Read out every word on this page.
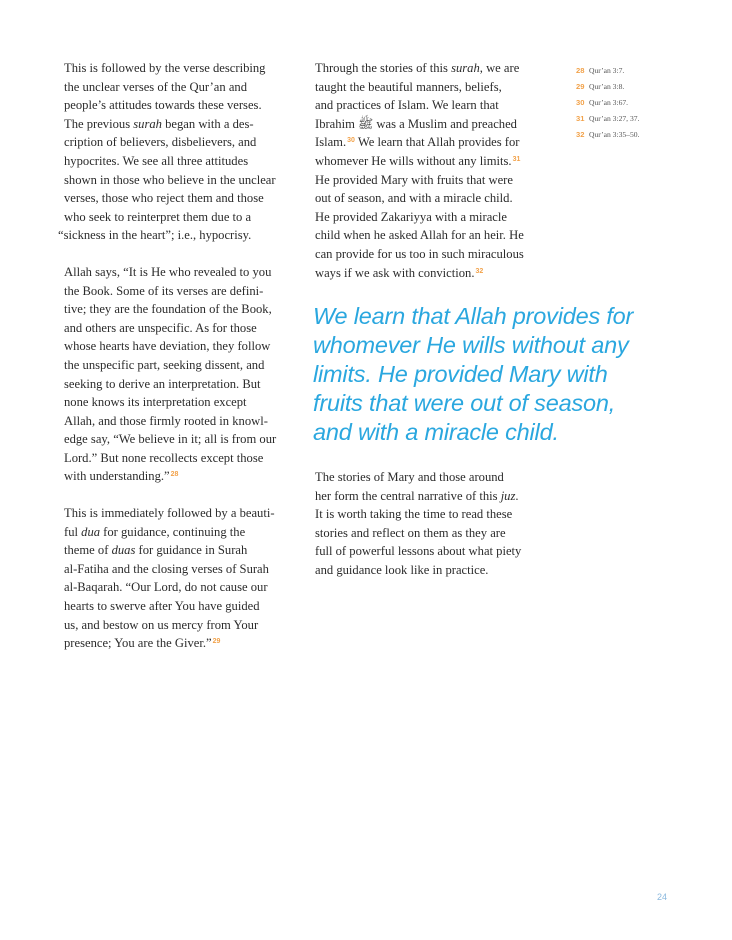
This is followed by the verse describing
the unclear verses of the Qur’an and
people’s attitudes towards these verses.
The previous surah began with a des-
cription of believers, disbelievers, and
hypocrites. We see all three attitudes
shown in those who believe in the unclear
verses, those who reject them and those
who seek to reinterpret them due to a
“sickness in the heart”; i.e., hypocrisy.

Allah says, “It is He who revealed to you
the Book. Some of its verses are defini-
tive; they are the foundation of the Book,
and others are unspecific. As for those
whose hearts have deviation, they follow
the unspecific part, seeking dissent, and
seeking to derive an interpretation. But
none knows its interpretation except
Allah, and those firmly rooted in knowl-
edge say, “We believe in it; all is from our
Lord.” But none recollects except those
with understanding.”$^{28}$

This is immediately followed by a beauti-
ful dua for guidance, continuing the
theme of duas for guidance in Surah
al-Fatiha and the closing verses of Surah
al-Baqarah. “Our Lord, do not cause our
hearts to swerve after You have guided
us, and bestow on us mercy from Your
presence; You are the Giver.”$^{29}$

Through the stories of this surah, we are
taught the beautiful manners, beliefs,
and practices of Islam. We learn that
Ibrahim ﷺ was a Muslim and preached
Islam.$^{30}$ We learn that Allah provides for
whomever He wills without any limits.$^{31}$
He provided Mary with fruits that were
out of season, and with a miracle child.
He provided Zakariyya with a miracle
child when he asked Allah for an heir. He
can provide for us too in such miraculous
ways if we ask with conviction.$^{32}$

We learn that Allah provides for
whomever He wills without any
limits. He provided Mary with
fruits that were out of season,
and with a miracle child.

The stories of Mary and those around
her form the central narrative of this juz.
It is worth taking the time to read these
stories and reflect on them as they are
full of powerful lessons about what piety
and guidance look like in practice.

28 Qur’an 3:7.
29 Qur’an 3:8.
30 Qur’an 3:67.
31 Qur’an 3:27, 37.
32 Qur’an 3:35–50.
24
